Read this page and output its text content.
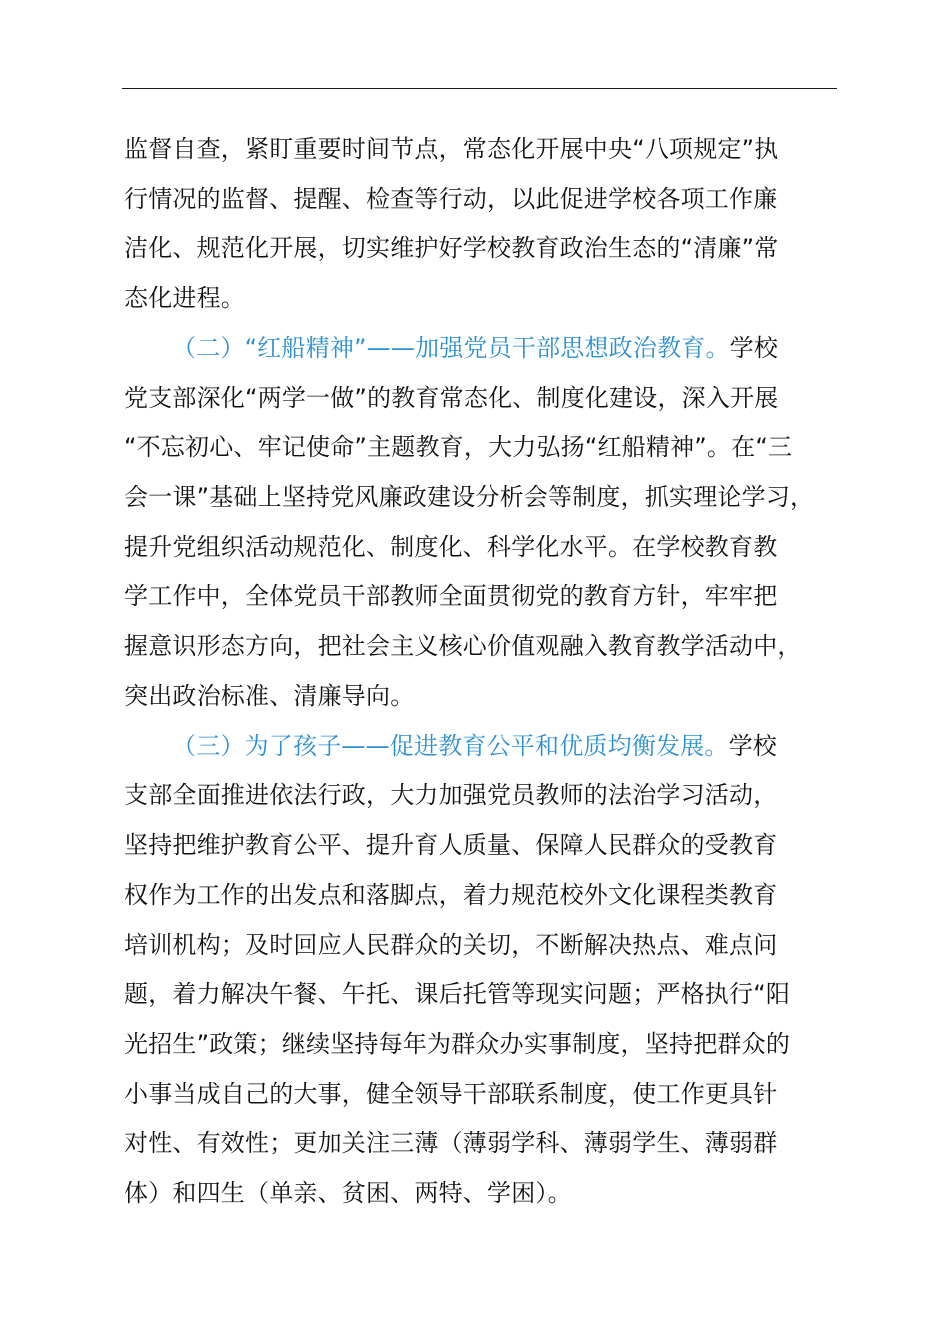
监督自查，紧盯重要时间节点，常态化开展中央“八项规定”执
行情况的监督、提醒、检查等行动，以此促进学校各项工作廉
洁化、规范化开展，切实维护好学校教育政治生态的“清廉”常
态化进程。
（二）“红船精神”——加强党员干部思想政治教育。学校
党支部深化“两学一做”的教育常态化、制度化建设，深入开展
“不忘初心、牢记使命”主题教育，大力弘扬“红船精神”。在“三
会一课”基础上坚持党风廉政建设分析会等制度，抓实理论学习，
提升党组织活动规范化、制度化、科学化水平。在学校教育教
学工作中，全体党员干部教师全面贯彻党的教育方针，牢牢把
握意识形态方向，把社会主义核心价值观融入教育教学活动中，
突出政治标准、清廉导向。
（三）为了孩子——促进教育公平和优质均衡发展。学校
支部全面推进依法行政，大力加强党员教师的法治学习活动，
坚持把维护教育公平、提升育人质量、保障人民群众的受教育
权作为工作的出发点和落脚点，着力规范校外文化课程类教育
培训机构；及时回应人民群众的关切，不断解决热点、难点问
题，着力解决午餐、午托、课后托管等现实问题；严格执行“阳
光招生”政策；继续坚持每年为群众办实事制度，坚持把群众的
小事当成自己的大事，健全领导干部联系制度，使工作更具针
对性、有效性；更加关注三薄（薄弱学科、薄弱学生、薄弱群
体）和四生（单亲、贫困、两特、学困）。
